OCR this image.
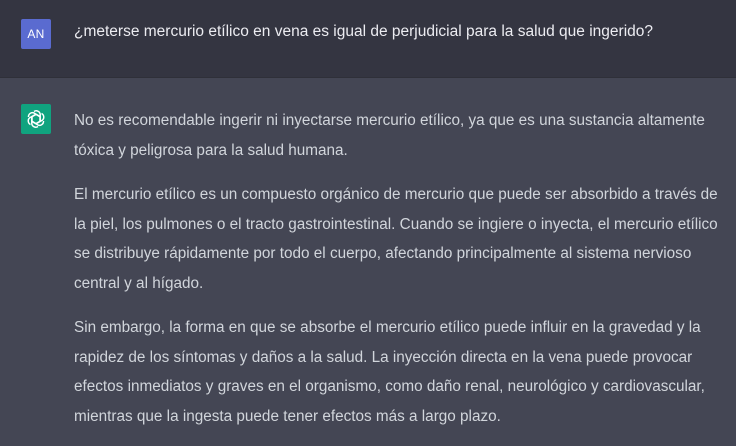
AN	¿meterse mercurio etílico en vena es igual de perjudicial para la salud que ingerido?

No es recomendable ingerir ni inyectarse mercurio etílico, ya que es una sustancia altamente tóxica y peligrosa para la salud humana.

El mercurio etílico es un compuesto orgánico de mercurio que puede ser absorbido a través de la piel, los pulmones o el tracto gastrointestinal. Cuando se ingiere o inyecta, el mercurio etílico se distribuye rápidamente por todo el cuerpo, afectando principalmente al sistema nervioso central y al hígado.

Sin embargo, la forma en que se absorbe el mercurio etílico puede influir en la gravedad y la rapidez de los síntomas y daños a la salud. La inyección directa en la vena puede provocar efectos inmediatos y graves en el organismo, como daño renal, neurológico y cardiovascular, mientras que la ingesta puede tener efectos más a largo plazo.
